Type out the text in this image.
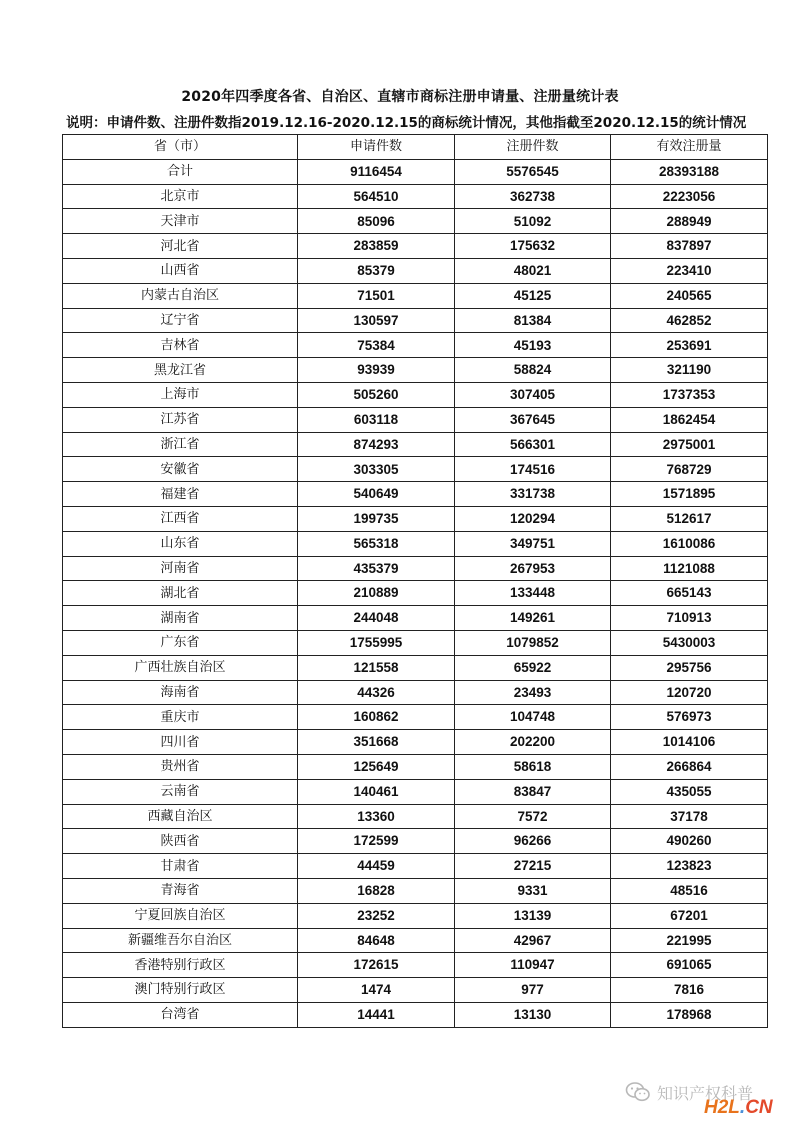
2020年四季度各省、自治区、直辖市商标注册申请量、注册量统计表
说明：申请件数、注册件数指2019.12.16-2020.12.15的商标统计情况，其他指截至2020.12.15的统计情况
省（市）	申请件数	注册件数	有效注册量
合计	9116454	5576545	28393188
北京市	564510	362738	2223056
天津市	85096	51092	288949
河北省	283859	175632	837897
山西省	85379	48021	223410
内蒙古自治区	71501	45125	240565
辽宁省	130597	81384	462852
吉林省	75384	45193	253691
黑龙江省	93939	58824	321190
上海市	505260	307405	1737353
江苏省	603118	367645	1862454
浙江省	874293	566301	2975001
安徽省	303305	174516	768729
福建省	540649	331738	1571895
江西省	199735	120294	512617
山东省	565318	349751	1610086
河南省	435379	267953	1121088
湖北省	210889	133448	665143
湖南省	244048	149261	710913
广东省	1755995	1079852	5430003
广西壮族自治区	121558	65922	295756
海南省	44326	23493	120720
重庆市	160862	104748	576973
四川省	351668	202200	1014106
贵州省	125649	58618	266864
云南省	140461	83847	435055
西藏自治区	13360	7572	37178
陕西省	172599	96266	490260
甘肃省	44459	27215	123823
青海省	16828	9331	48516
宁夏回族自治区	23252	13139	67201
新疆维吾尔自治区	84648	42967	221995
香港特别行政区	172615	110947	691065
澳门特别行政区	1474	977	7816
台湾省	14441	13130	178968
知识产权科普
H2L.CN
